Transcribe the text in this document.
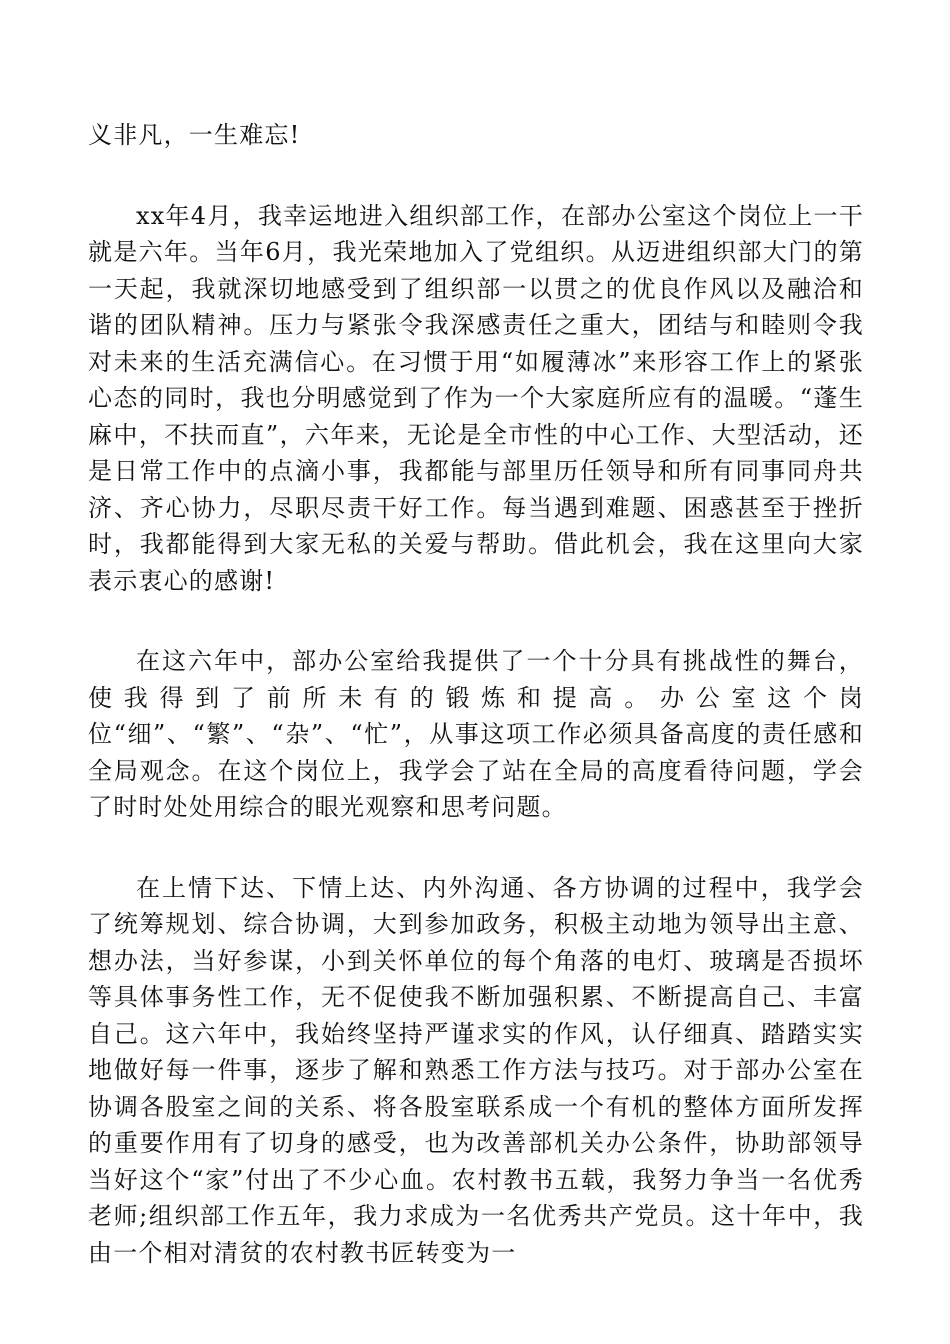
义非凡，一生难忘!

xx年4月，我幸运地进入组织部工作，在部办公室这个岗位上一干就是六年。当年6月，我光荣地加入了党组织。从迈进组织部大门的第一天起，我就深切地感受到了组织部一以贯之的优良作风以及融洽和谐的团队精神。压力与紧张令我深感责任之重大，团结与和睦则令我对未来的生活充满信心。在习惯于用“如履薄冰”来形容工作上的紧张心态的同时，我也分明感觉到了作为一个大家庭所应有的温暖。“蓬生麻中，不扶而直”，六年来，无论是全市性的中心工作、大型活动，还是日常工作中的点滴小事，我都能与部里历任领导和所有同事同舟共济、齐心协力，尽职尽责干好工作。每当遇到难题、困惑甚至于挫折时，我都能得到大家无私的关爱与帮助。借此机会，我在这里向大家表示衷心的感谢!

在这六年中，部办公室给我提供了一个十分具有挑战性的舞台，使我得到了前所未有的锻炼和提高。办公室这个岗位“细”、“繁”、“杂”、“忙”，从事这项工作必须具备高度的责任感和全局观念。在这个岗位上，我学会了站在全局的高度看待问题，学会了时时处处用综合的眼光观察和思考问题。

在上情下达、下情上达、内外沟通、各方协调的过程中，我学会了统筹规划、综合协调，大到参加政务，积极主动地为领导出主意、想办法，当好参谋，小到关怀单位的每个角落的电灯、玻璃是否损坏等具体事务性工作，无不促使我不断加强积累、不断提高自己、丰富自己。这六年中，我始终坚持严谨求实的作风，认仔细真、踏踏实实地做好每一件事，逐步了解和熟悉工作方法与技巧。对于部办公室在协调各股室之间的关系、将各股室联系成一个有机的整体方面所发挥的重要作用有了切身的感受，也为改善部机关办公条件，协助部领导当好这个“家”付出了不少心血。农村教书五载，我努力争当一名优秀老师;组织部工作五年，我力求成为一名优秀共产党员。这十年中，我由一个相对清贫的农村教书匠转变为一
